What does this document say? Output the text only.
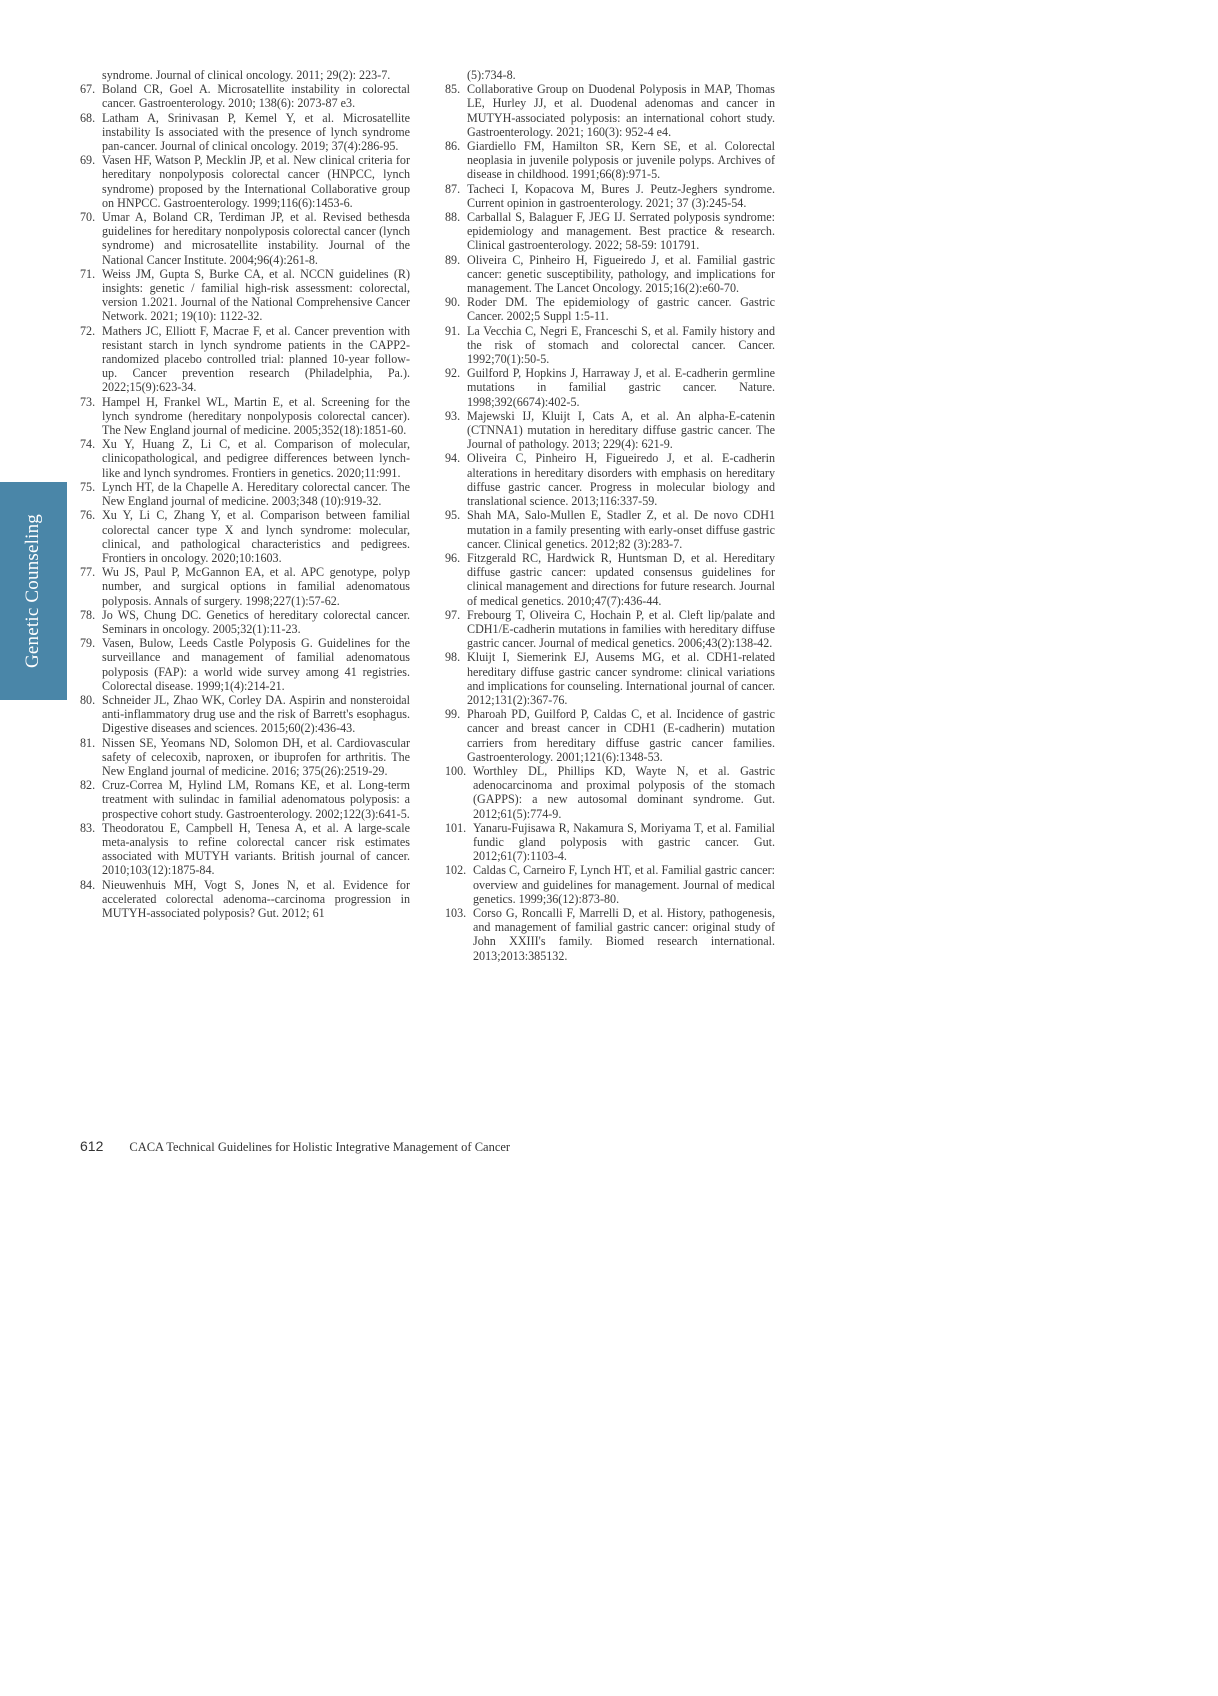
Genetic Counseling
syndrome. Journal of clinical oncology. 2011; 29(2): 223-7.
67. Boland CR, Goel A. Microsatellite instability in colorectal cancer. Gastroenterology. 2010; 138(6): 2073-87 e3.
68. Latham A, Srinivasan P, Kemel Y, et al. Microsatellite instability Is associated with the presence of lynch syndrome pan-cancer. Journal of clinical oncology. 2019; 37(4):286-95.
69. Vasen HF, Watson P, Mecklin JP, et al. New clinical criteria for hereditary nonpolyposis colorectal cancer (HNPCC, lynch syndrome) proposed by the International Collaborative group on HNPCC. Gastroenterology. 1999;116(6):1453-6.
70. Umar A, Boland CR, Terdiman JP, et al. Revised bethesda guidelines for hereditary nonpolyposis colorectal cancer (lynch syndrome) and microsatellite instability. Journal of the National Cancer Institute. 2004;96(4):261-8.
71. Weiss JM, Gupta S, Burke CA, et al. NCCN guidelines (R) insights: genetic / familial high-risk assessment: colorectal, version 1.2021. Journal of the National Comprehensive Cancer Network. 2021; 19(10): 1122-32.
72. Mathers JC, Elliott F, Macrae F, et al. Cancer prevention with resistant starch in lynch syndrome patients in the CAPP2-randomized placebo controlled trial: planned 10-year follow-up. Cancer prevention research (Philadelphia, Pa.). 2022;15(9):623-34.
73. Hampel H, Frankel WL, Martin E, et al. Screening for the lynch syndrome (hereditary nonpolyposis colorectal cancer). The New England journal of medicine. 2005;352(18):1851-60.
74. Xu Y, Huang Z, Li C, et al. Comparison of molecular, clinicopathological, and pedigree differences between lynch-like and lynch syndromes. Frontiers in genetics. 2020;11:991.
75. Lynch HT, de la Chapelle A. Hereditary colorectal cancer. The New England journal of medicine. 2003;348 (10):919-32.
76. Xu Y, Li C, Zhang Y, et al. Comparison between familial colorectal cancer type X and lynch syndrome: molecular, clinical, and pathological characteristics and pedigrees. Frontiers in oncology. 2020;10:1603.
77. Wu JS, Paul P, McGannon EA, et al. APC genotype, polyp number, and surgical options in familial adenomatous polyposis. Annals of surgery. 1998;227(1):57-62.
78. Jo WS, Chung DC. Genetics of hereditary colorectal cancer. Seminars in oncology. 2005;32(1):11-23.
79. Vasen, Bulow, Leeds Castle Polyposis G. Guidelines for the surveillance and management of familial adenomatous polyposis (FAP): a world wide survey among 41 registries. Colorectal disease. 1999;1(4):214-21.
80. Schneider JL, Zhao WK, Corley DA. Aspirin and nonsteroidal anti-inflammatory drug use and the risk of Barrett's esophagus. Digestive diseases and sciences. 2015;60(2):436-43.
81. Nissen SE, Yeomans ND, Solomon DH, et al. Cardiovascular safety of celecoxib, naproxen, or ibuprofen for arthritis. The New England journal of medicine. 2016; 375(26):2519-29.
82. Cruz-Correa M, Hylind LM, Romans KE, et al. Long-term treatment with sulindac in familial adenomatous polyposis: a prospective cohort study. Gastroenterology. 2002;122(3):641-5.
83. Theodoratou E, Campbell H, Tenesa A, et al. A large-scale meta-analysis to refine colorectal cancer risk estimates associated with MUTYH variants. British journal of cancer. 2010;103(12):1875-84.
84. Nieuwenhuis MH, Vogt S, Jones N, et al. Evidence for accelerated colorectal adenoma--carcinoma progression in MUTYH-associated polyposis? Gut. 2012; 61
(5):734-8.
85. Collaborative Group on Duodenal Polyposis in MAP, Thomas LE, Hurley JJ, et al. Duodenal adenomas and cancer in MUTYH-associated polyposis: an international cohort study. Gastroenterology. 2021; 160(3): 952-4 e4.
86. Giardiello FM, Hamilton SR, Kern SE, et al. Colorectal neoplasia in juvenile polyposis or juvenile polyps. Archives of disease in childhood. 1991;66(8):971-5.
87. Tacheci I, Kopacova M, Bures J. Peutz-Jeghers syndrome. Current opinion in gastroenterology. 2021; 37 (3):245-54.
88. Carballal S, Balaguer F, JEG IJ. Serrated polyposis syndrome: epidemiology and management. Best practice & research. Clinical gastroenterology. 2022; 58-59: 101791.
89. Oliveira C, Pinheiro H, Figueiredo J, et al. Familial gastric cancer: genetic susceptibility, pathology, and implications for management. The Lancet Oncology. 2015;16(2):e60-70.
90. Roder DM. The epidemiology of gastric cancer. Gastric Cancer. 2002;5 Suppl 1:5-11.
91. La Vecchia C, Negri E, Franceschi S, et al. Family history and the risk of stomach and colorectal cancer. Cancer. 1992;70(1):50-5.
92. Guilford P, Hopkins J, Harraway J, et al. E-cadherin germline mutations in familial gastric cancer. Nature. 1998;392(6674):402-5.
93. Majewski IJ, Kluijt I, Cats A, et al. An alpha-E-catenin (CTNNA1) mutation in hereditary diffuse gastric cancer. The Journal of pathology. 2013; 229(4): 621-9.
94. Oliveira C, Pinheiro H, Figueiredo J, et al. E-cadherin alterations in hereditary disorders with emphasis on hereditary diffuse gastric cancer. Progress in molecular biology and translational science. 2013;116:337-59.
95. Shah MA, Salo-Mullen E, Stadler Z, et al. De novo CDH1 mutation in a family presenting with early-onset diffuse gastric cancer. Clinical genetics. 2012;82 (3):283-7.
96. Fitzgerald RC, Hardwick R, Huntsman D, et al. Hereditary diffuse gastric cancer: updated consensus guidelines for clinical management and directions for future research. Journal of medical genetics. 2010;47(7):436-44.
97. Frebourg T, Oliveira C, Hochain P, et al. Cleft lip/palate and CDH1/E-cadherin mutations in families with hereditary diffuse gastric cancer. Journal of medical genetics. 2006;43(2):138-42.
98. Kluijt I, Siemerink EJ, Ausems MG, et al. CDH1-related hereditary diffuse gastric cancer syndrome: clinical variations and implications for counseling. International journal of cancer. 2012;131(2):367-76.
99. Pharoah PD, Guilford P, Caldas C, et al. Incidence of gastric cancer and breast cancer in CDH1 (E-cadherin) mutation carriers from hereditary diffuse gastric cancer families. Gastroenterology. 2001;121(6):1348-53.
100. Worthley DL, Phillips KD, Wayte N, et al. Gastric adenocarcinoma and proximal polyposis of the stomach (GAPPS): a new autosomal dominant syndrome. Gut. 2012;61(5):774-9.
101. Yanaru-Fujisawa R, Nakamura S, Moriyama T, et al. Familial fundic gland polyposis with gastric cancer. Gut. 2012;61(7):1103-4.
102. Caldas C, Carneiro F, Lynch HT, et al. Familial gastric cancer: overview and guidelines for management. Journal of medical genetics. 1999;36(12):873-80.
103. Corso G, Roncalli F, Marrelli D, et al. History, pathogenesis, and management of familial gastric cancer: original study of John XXIII's family. Biomed research international. 2013;2013:385132.
612 CACA Technical Guidelines for Holistic Integrative Management of Cancer
